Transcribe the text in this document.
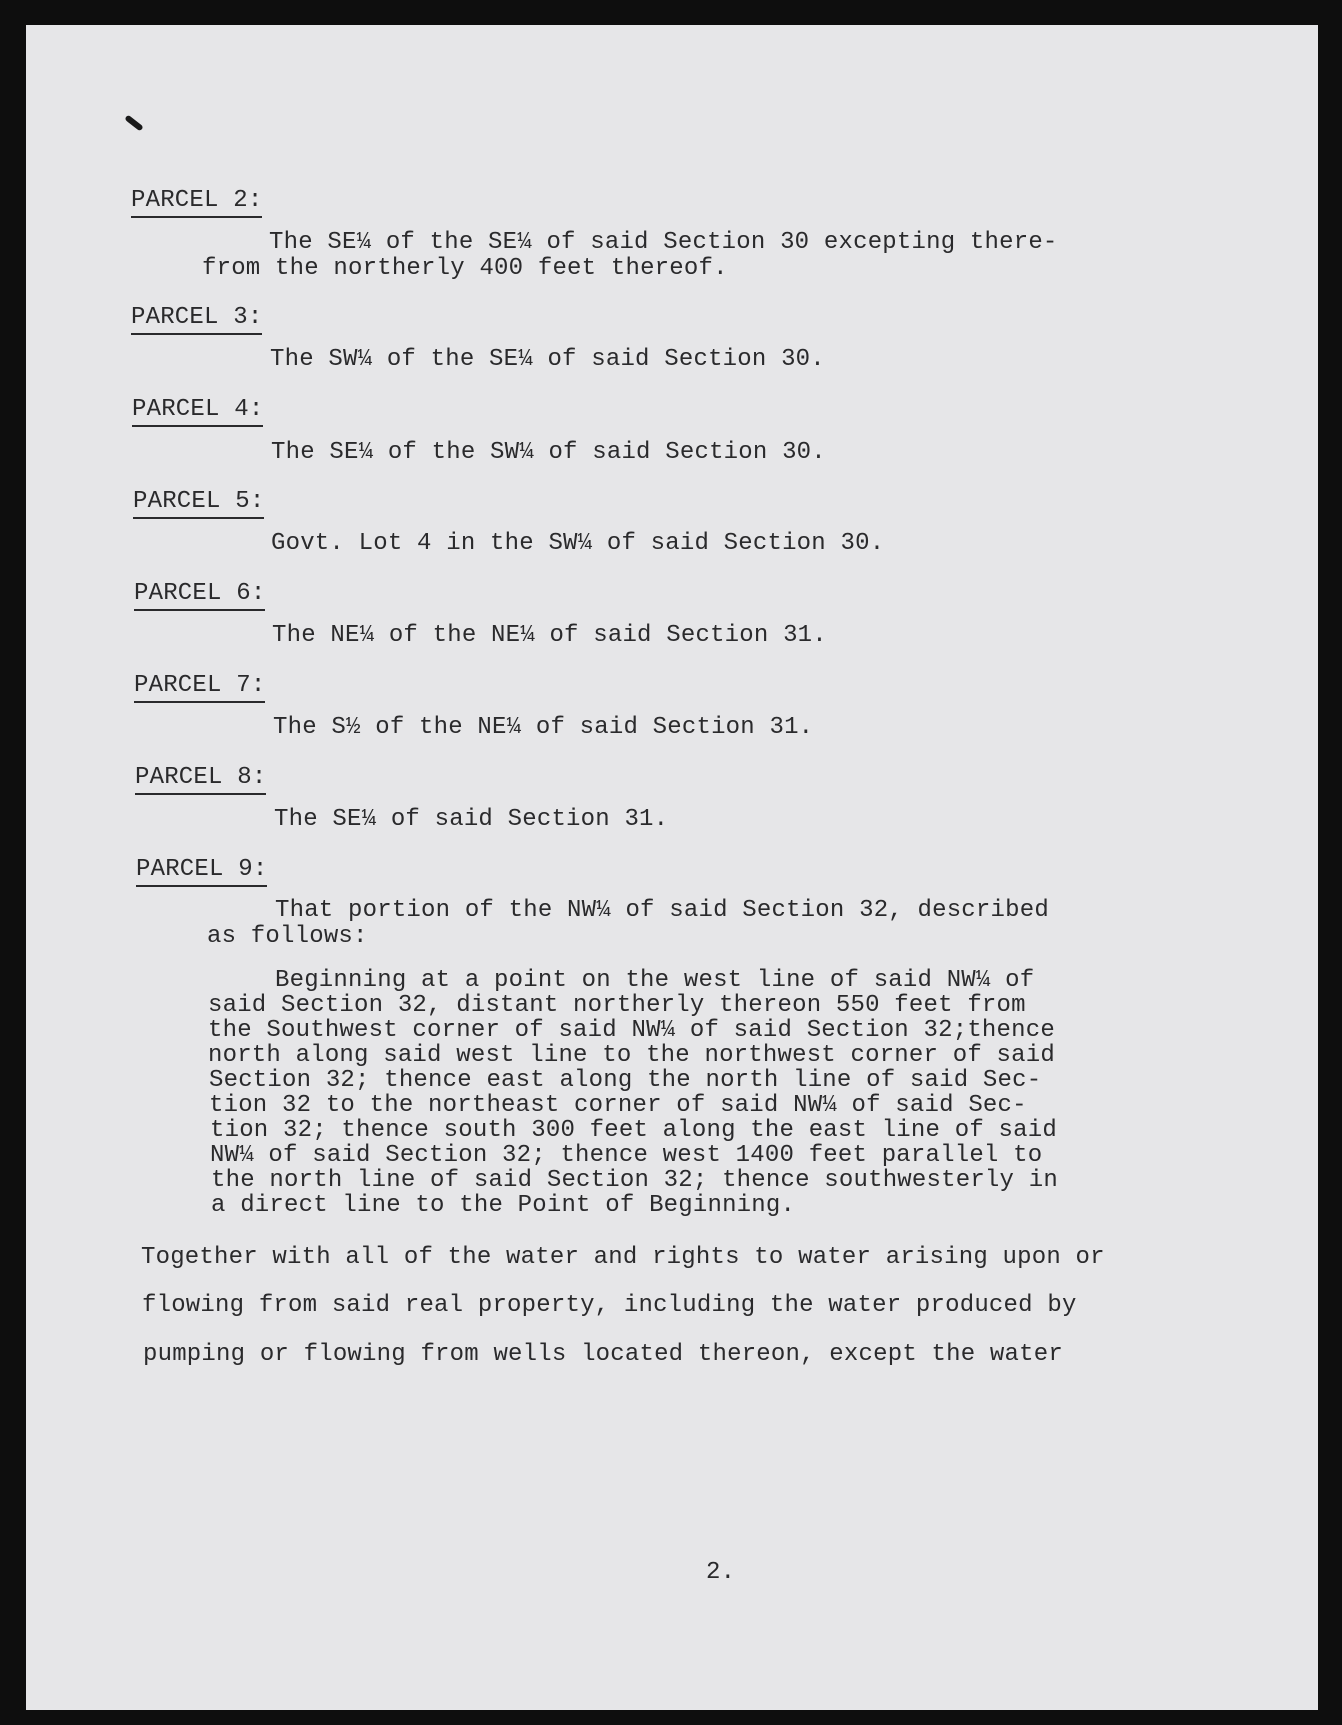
PARCEL 2:
The SE¼ of the SE¼ of said Section 30 excepting there-
from the northerly 400 feet thereof.
PARCEL 3:
The SW¼ of the SE¼ of said Section 30.
PARCEL 4:
The SE¼ of the SW¼ of said Section 30.
PARCEL 5:
Govt. Lot 4 in the SW¼ of said Section 30.
PARCEL 6:
The NE¼ of the NE¼ of said Section 31.
PARCEL 7:
The S½ of the NE¼ of said Section 31.
PARCEL 8:
The SE¼ of said Section 31.
PARCEL 9:
That portion of the NW¼ of said Section 32, described
as follows:
Beginning at a point on the west line of said NW¼ of
said Section 32, distant northerly thereon 550 feet from
the Southwest corner of said NW¼ of said Section 32;thence
north along said west line to the northwest corner of said
Section 32; thence east along the north line of said Sec-
tion 32 to the northeast corner of said NW¼ of said Sec-
tion 32; thence south 300 feet along the east line of said
NW¼ of said Section 32; thence west 1400 feet parallel to
the north line of said Section 32; thence southwesterly in
a direct line to the Point of Beginning.
Together with all of the water and rights to water arising upon or
flowing from said real property, including the water produced by
pumping or flowing from wells located thereon, except the water
2.
